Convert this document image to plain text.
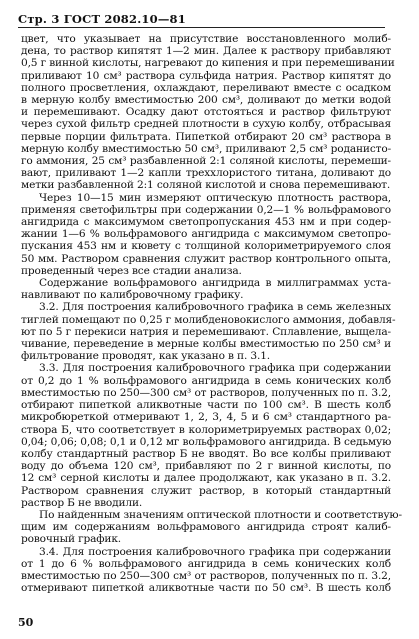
Стр. 3 ГОСТ 2082.10—81

цвет, что указывает на присутствие восстановленного молиб-
дена, то раствор кипятят 1—2 мин. Далее к раствору прибавляют
0,5 г винной кислоты, нагревают до кипения и при перемешивании
приливают 10 см³ раствора сульфида натрия. Раствор кипятят до
полного просветления, охлаждают, переливают вместе с осадком
в мерную колбу вместимостью 200 см³, доливают до метки водой
и перемешивают. Осадку дают отстояться и раствор фильтруют
через сухой фильтр средней плотности в сухую колбу, отбрасывая
первые порции фильтрата. Пипеткой отбирают 20 см³ раствора в
мерную колбу вместимостью 50 см³, приливают 2,5 см³ роданисто-
го аммония, 25 см³ разбавленной 2:1 соляной кислоты, перемеши-
вают, приливают 1—2 капли треххлористого титана, доливают до
метки разбавленной 2:1 соляной кислотой и снова перемешивают.

Через 10—15 мин измеряют оптическую плотность раствора,
применяя светофильтры при содержании 0,2—1 % вольфрамового
ангидрида с максимумом светопропускания 453 нм и при содер-
жании 1—6 % вольфрамового ангидрида с максимумом светопро-
пускания 453 нм и кювету с толщиной колориметрируемого слоя
50 мм. Раствором сравнения служит раствор контрольного опыта,
проведенный через все стадии анализа.

Содержание вольфрамового ангидрида в миллиграммах уста-
навливают по калибровочному графику.

3.2. Для построения калибровочного графика в семь железных
тиглей помещают по 0,25 г молибденовокислого аммония, добавля-
ют по 5 г перекиси натрия и перемешивают. Сплавление, выщела-
чивание, переведение в мерные колбы вместимостью по 250 см³ и
фильтрование проводят, как указано в п. 3.1.

3.3. Для построения калибровочного графика при содержании
от 0,2 до 1 % вольфрамового ангидрида в семь конических колб
вместимостью по 250—300 см³ от растворов, полученных по п. 3.2,
отбирают пипеткой аликвотные части по 100 см³. В шесть колб
микробюреткой отмеривают 1, 2, 3, 4, 5 и 6 см³ стандартного ра-
створа Б, что соответствует в колориметрируемых растворах 0,02;
0,04; 0,06; 0,08; 0,1 и 0,12 мг вольфрамового ангидрида. В седьмую
колбу стандартный раствор Б не вводят. Во все колбы приливают
воду до объема 120 см³, прибавляют по 2 г винной кислоты, по
12 см³ серной кислоты и далее продолжают, как указано в п. 3.2.
Раствором сравнения служит раствор, в который стандартный
раствор Б не вводили.

По найденным значениям оптической плотности и соответствую-
щим им содержаниям вольфрамового ангидрида строят калиб-
ровочный график.

3.4. Для построения калибровочного графика при содержании
от 1 до 6 % вольфрамового ангидрида в семь конических колб
вместимостью по 250—300 см³ от растворов, полученных по п. 3.2,
отмеривают пипеткой аликвотные части по 50 см³. В шесть колб

50
